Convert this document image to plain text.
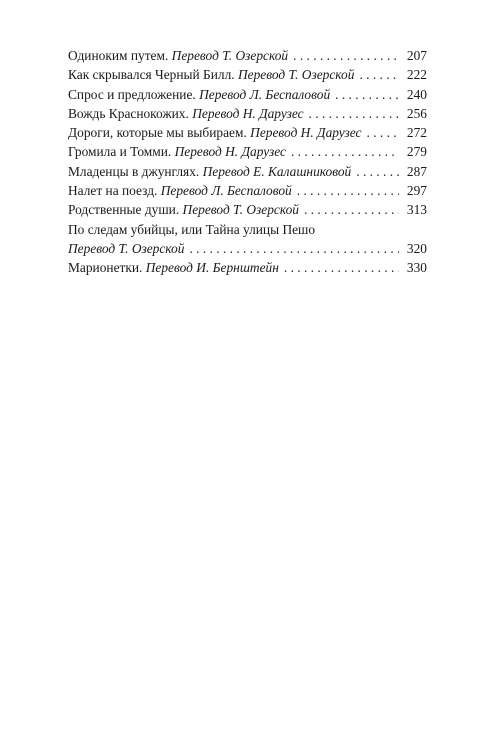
Одиноким путем. Перевод Т. Озерской . . .	207
Как скрывался Черный Билл. Перевод Т. Озерской . . .	222
Спрос и предложение. Перевод Л. Беспаловой . . .	240
Вождь Краснокожих. Перевод Н. Дарузес . . .	256
Дороги, которые мы выбираем. Перевод Н. Дарузес . . .	272
Громила и Томми. Перевод Н. Дарузес . . .	279
Младенцы в джунглях. Перевод Е. Калашниковой . . .	287
Налет на поезд. Перевод Л. Беспаловой . . .	297
Родственные души. Перевод Т. Озерской . . .	313
По следам убийцы, или Тайна улицы Пешо
Перевод Т. Озерской . . .	320
Марионетки. Перевод И. Бернштейн . . .	330
